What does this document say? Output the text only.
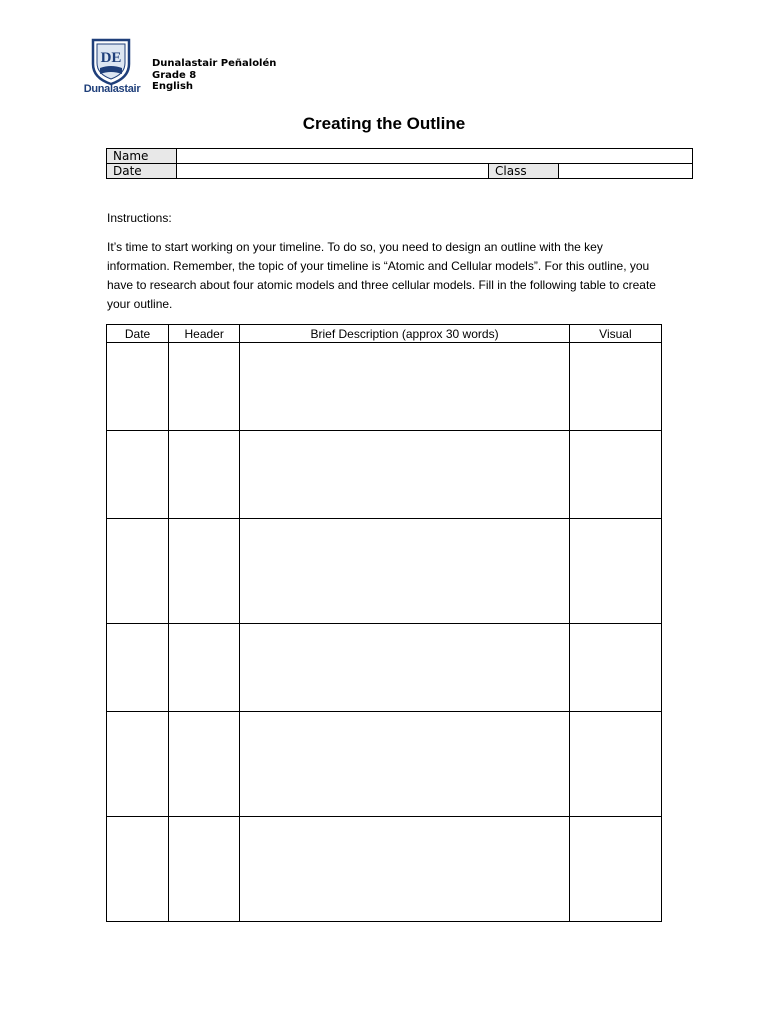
DE
Dunalastair
Dunalastair Peñalolén
Grade 8
English
Creating the Outline
Name			
Date		Class	
Instructions:
It’s time to start working on your timeline. To do so, you need to design an outline with the key information. Remember, the topic of your timeline is “Atomic and Cellular models”. For this outline, you have to research about four atomic models and three cellular models. Fill in the following table to create your outline.
Date	Header	Brief Description (approx 30 words)	Visual
